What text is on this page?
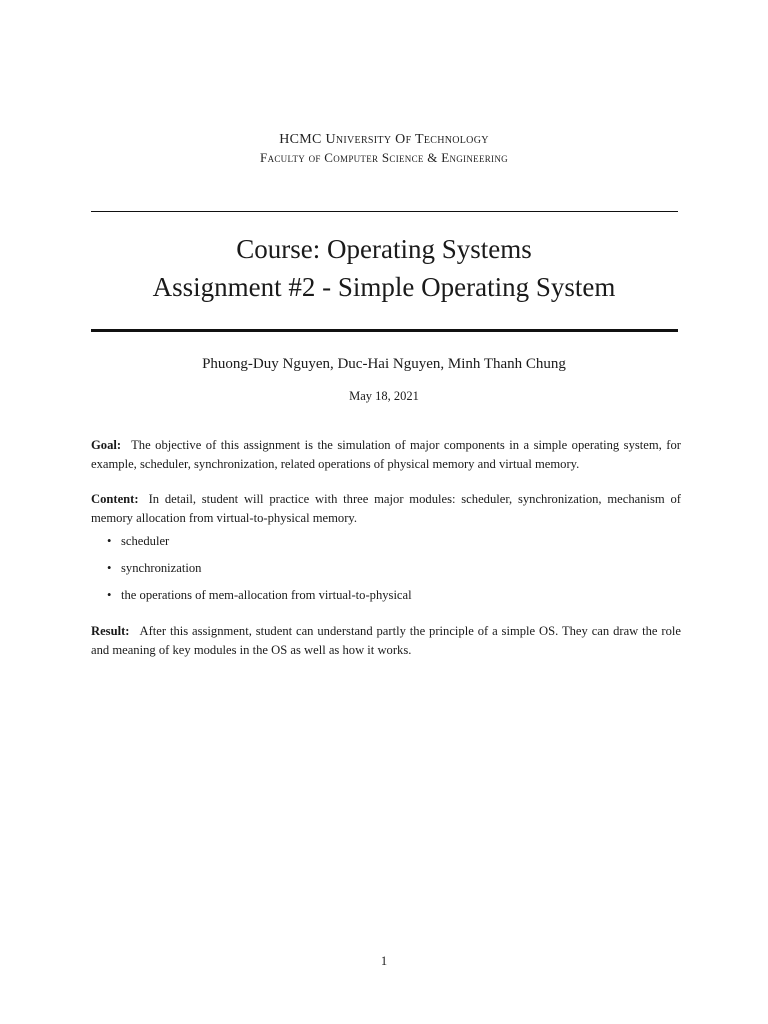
HCMC University Of Technology
Faculty of Computer Science & Engineering
Course: Operating Systems
Assignment #2 - Simple Operating System
Phuong-Duy Nguyen, Duc-Hai Nguyen, Minh Thanh Chung
May 18, 2021
Goal: The objective of this assignment is the simulation of major components in a simple operating system, for example, scheduler, synchronization, related operations of physical memory and virtual memory.
Content: In detail, student will practice with three major modules: scheduler, synchronization, mechanism of memory allocation from virtual-to-physical memory.
• scheduler
• synchronization
• the operations of mem-allocation from virtual-to-physical
Result: After this assignment, student can understand partly the principle of a simple OS. They can draw the role and meaning of key modules in the OS as well as how it works.
1
